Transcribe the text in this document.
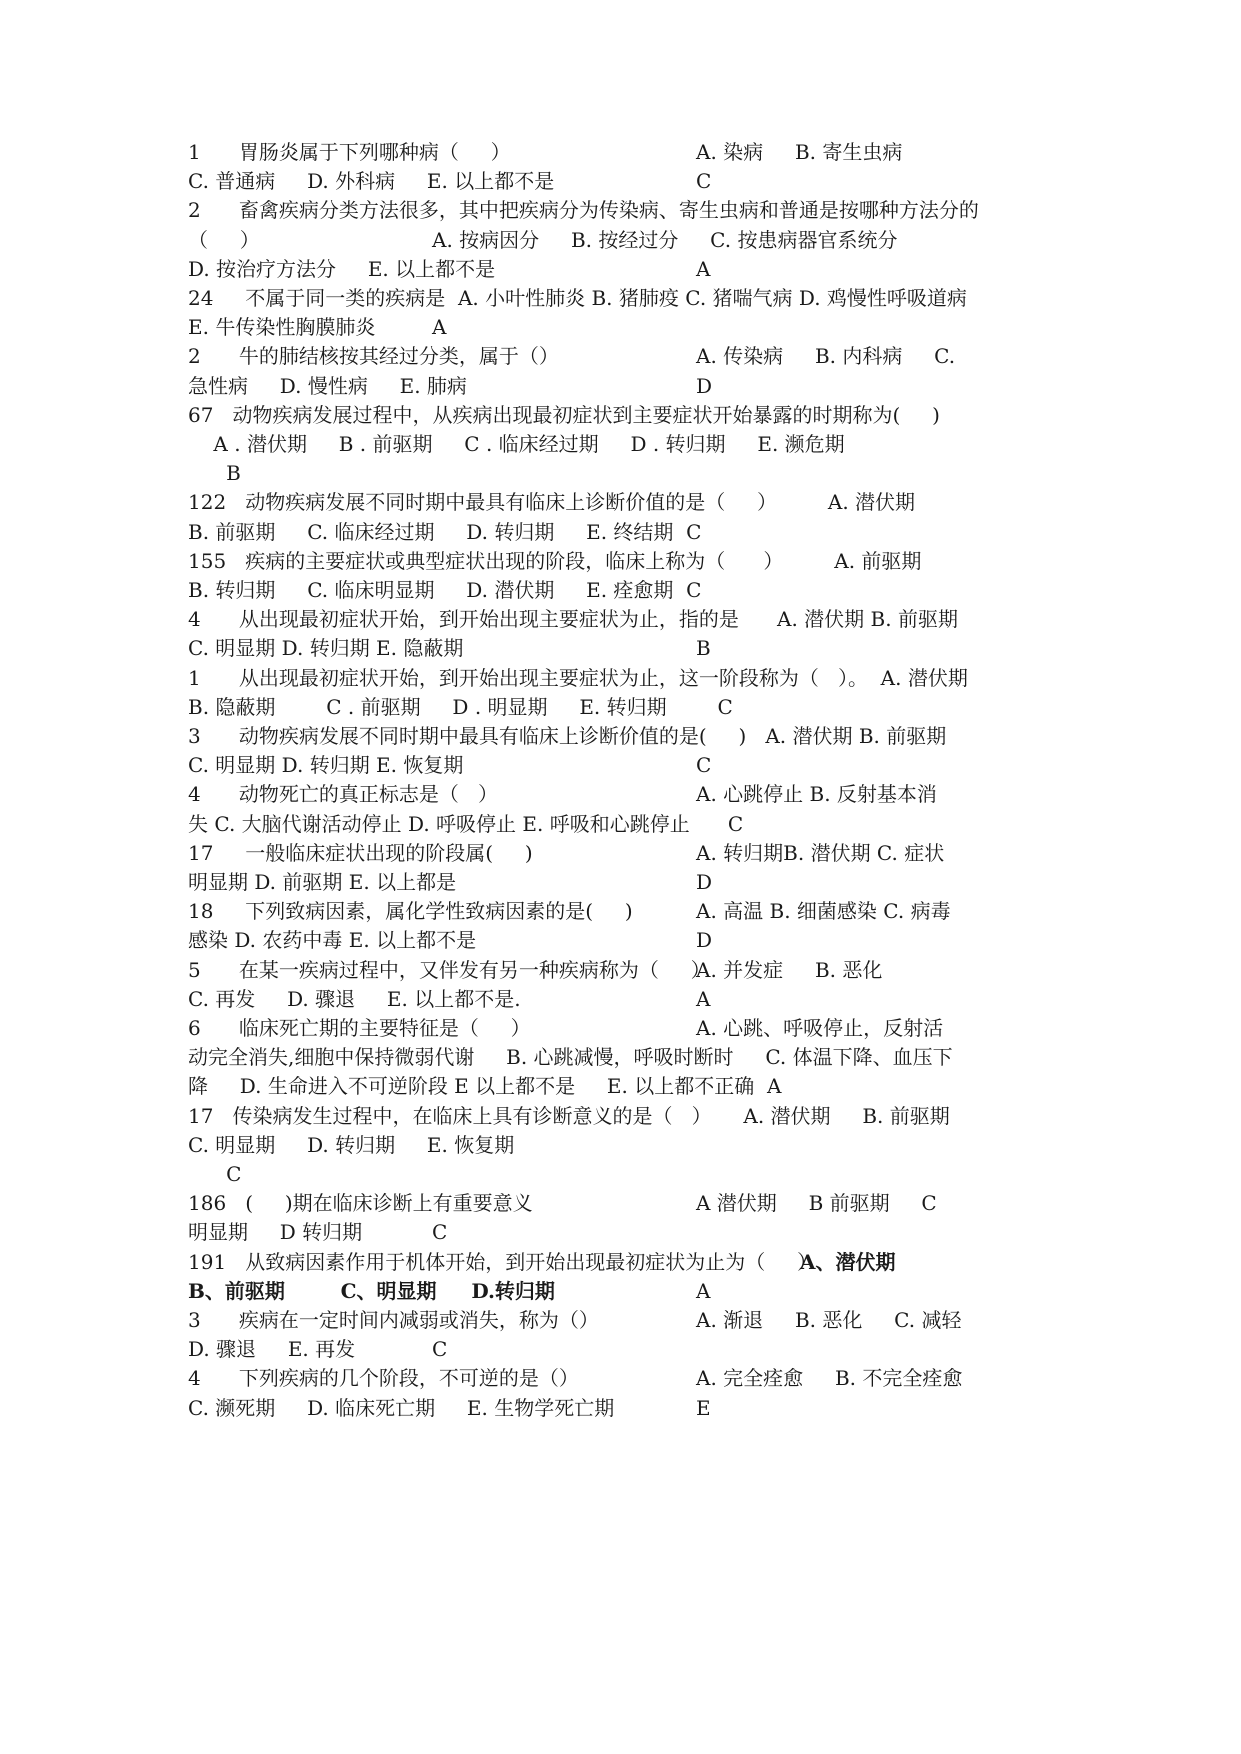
1      胃肠炎属于下列哪种病（     ）	A. 染病     B. 寄生虫病
C. 普通病     D. 外科病     E. 以上都不是	C
2      畜禽疾病分类方法很多，其中把疾病分为传染病、寄生虫病和普通是按哪种方法分的
（     ）	A. 按病因分     B. 按经过分     C. 按患病器官系统分
D. 按治疗方法分     E. 以上都不是	A
24     不属于同一类的疾病是  A. 小叶性肺炎 B. 猪肺疫 C. 猪喘气病 D. 鸡慢性呼吸道病
E. 牛传染性胸膜肺炎	A
2      牛的肺结核按其经过分类，属于（）	A. 传染病     B. 内科病     C.
急性病     D. 慢性病     E. 肺病	D
67   动物疾病发展过程中，从疾病出现最初症状到主要症状开始暴露的时期称为(     )
A . 潜伏期     B . 前驱期     C . 临床经过期     D . 转归期     E. 濒危期
B
122   动物疾病发展不同时期中最具有临床上诊断价值的是（     ）        A. 潜伏期
B. 前驱期     C. 临床经过期     D. 转归期     E. 终结期  C
155   疾病的主要症状或典型症状出现的阶段，临床上称为（      ）        A. 前驱期
B. 转归期     C. 临床明显期     D. 潜伏期     E. 痊愈期  C
4      从出现最初症状开始，到开始出现主要症状为止，指的是      A. 潜伏期 B. 前驱期
C. 明显期 D. 转归期 E. 隐蔽期	B
1      从出现最初症状开始，到开始出现主要症状为止，这一阶段称为（   ）。  A. 潜伏期
B. 隐蔽期        C . 前驱期     D . 明显期     E. 转归期        C
3      动物疾病发展不同时期中最具有临床上诊断价值的是(     )   A. 潜伏期 B. 前驱期
C. 明显期 D. 转归期 E. 恢复期	C
4      动物死亡的真正标志是（   ）	A. 心跳停止 B. 反射基本消
失 C. 大脑代谢活动停止 D. 呼吸停止 E. 呼吸和心跳停止      C
17     一般临床症状出现的阶段属(     )	A. 转归期B. 潜伏期 C. 症状
明显期 D. 前驱期 E. 以上都是	D
18     下列致病因素，属化学性致病因素的是(     )	A. 高温 B. 细菌感染 C. 病毒
感染 D. 农药中毒 E. 以上都不是	D
5      在某一疾病过程中，又伴发有另一种疾病称为（     ）
A. 并发症     B. 恶化
C. 再发     D. 骤退     E. 以上都不是.	A
6      临床死亡期的主要特征是（     ）	A. 心跳、呼吸停止，反射活
动完全消失,细胞中保持微弱代谢     B. 心跳减慢，呼吸时断时     C. 体温下降、血压下
降     D. 生命进入不可逆阶段 E 以上都不是     E. 以上都不正确  A
17   传染病发生过程中，在临床上具有诊断意义的是（   ）     A. 潜伏期     B. 前驱期
C. 明显期     D. 转归期     E. 恢复期
C
186   (     )期在临床诊断上有重要意义	A 潜伏期     B 前驱期     C
明显期     D 转归期	C
191   从致病因素作用于机体开始，到开始出现最初症状为止为（     ）
A、潜伏期
B、前驱期        C、明显期     D.转归期	A
3      疾病在一定时间内减弱或消失，称为（）	A. 渐退     B. 恶化     C. 减轻
D. 骤退     E. 再发	C
4      下列疾病的几个阶段，不可逆的是（）	A. 完全痊愈     B. 不完全痊愈
C. 濒死期     D. 临床死亡期     E. 生物学死亡期	E
